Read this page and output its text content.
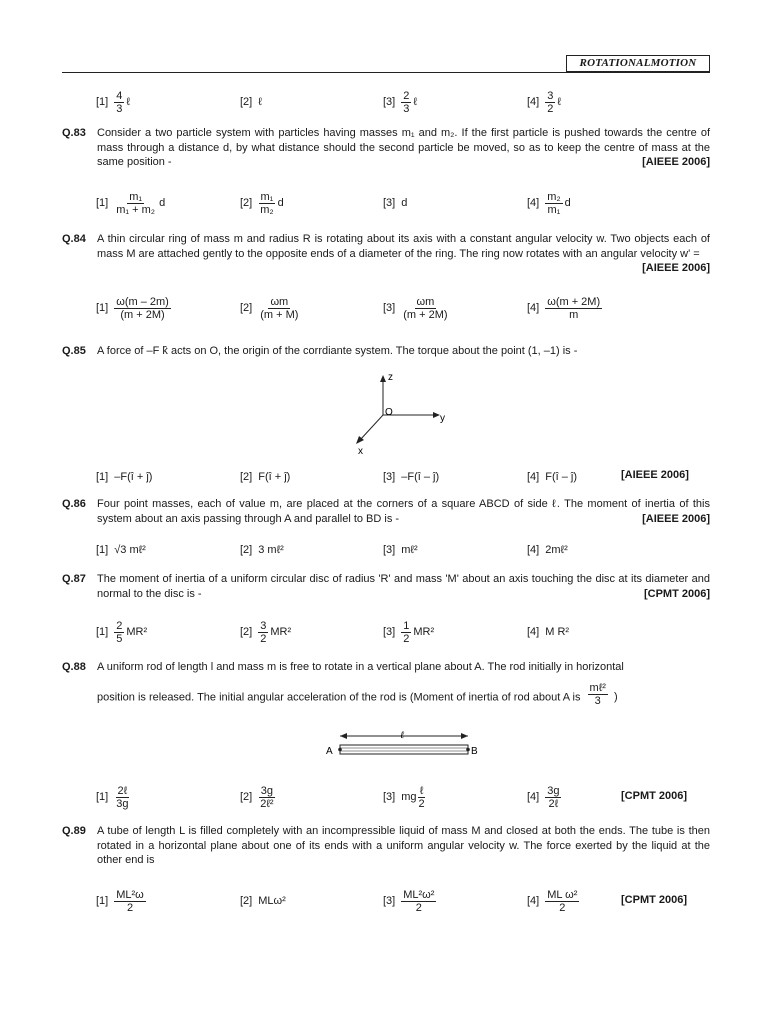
ROTATIONALMOTION
$[1] \frac{4}{3}$ ℓ	[2] ℓ	$[3] \frac{2}{3}$ ℓ	$[4] \frac{3}{2}$ ℓ
Q.83 Consider a two particle system with particles having masses m₁ and m₂. If the first particle is pushed towards the centre of mass through a distance d, by what distance should the second particle be moved, so as to keep the centre of mass at the same position -	[AIEEE 2006]
$[1] \frac{\text{m₁}}{\text{m₁ + m₂}}$ d	$[2] \frac{\text{m₁}}{\text{m₂}}$ d	[3] d	$[4] \frac{\text{m₂}}{\text{m₁}}$ d
Q.84 A thin circular ring of mass m and radius R is rotating about its axis with a constant angular velocity w. Two objects each of mass M are attached gently to the opposite ends of a diameter of the ring. The ring now rotates with an angular velocity w' =
[AIEEE 2006]
$[1] \frac{\omega(m - 2m)}{(m + 2M)}$	$[2] \frac{\omega m}{(m + M)}$	$[3] \frac{\omega m}{(m + 2M)}$	$[4] \frac{\omega(m + 2M)}{m}$
Q.85 A force of –F k̂ acts on O, the origin of the corrdiante system. The torque about the point (1, –1) is -
z
y
x
O
[1] –F(î + ĵ)	[2] F(î + ĵ)	[3] –F(î – ĵ)	[4] F(î – ĵ)	[AIEEE 2006]
Q.86 Four point masses, each of value m, are placed at the corners of a square ABCD of side ℓ. The moment of inertia of this system about an axis passing through A and parallel to BD is -	[AIEEE 2006]
[1] √3 mℓ²	[2] 3 mℓ²	[3] mℓ²	[4] 2mℓ²
Q.87 The moment of inertia of a uniform circular disc of radius 'R' and mass 'M' about an axis touching the disc at its diameter and normal to the disc is -	[CPMT 2006]
$[1] \frac{2}{5} MR^2$	$[2] \frac{3}{2} MR^2$	$[3] \frac{1}{2} MR^2$	[4] M R²
Q.88 A uniform rod of length l and mass m is free to rotate in a vertical plane about A. The rod initially in horizontal
position is released. The initial angular acceleration of the rod is (Moment of inertia of rod about A is $\frac{\text{mℓ²}}{3}$ )
ℓ
A	B
$[1] \frac{\text{2ℓ}}{3g}$	$[2] \frac{3g}{\text{2ℓ²}}$	[3] mg $\frac{\text{ℓ}}{2}$	$[4] \frac{3g}{\text{2ℓ}}$	[CPMT 2006]
Q.89 A tube of length L is filled completely with an incompressible liquid of mass M and closed at both the ends. The tube is then rotated in a horizontal plane about one of its ends with a uniform angular velocity w. The force exerted by the liquid at the other end is
$[1] \frac{\text{ML²ω}}{2}$	[2] MLω²	$[3] \frac{\text{ML²ω²}}{2}$	$[4] \frac{\text{ML ω²}}{2}$	[CPMT 2006]
